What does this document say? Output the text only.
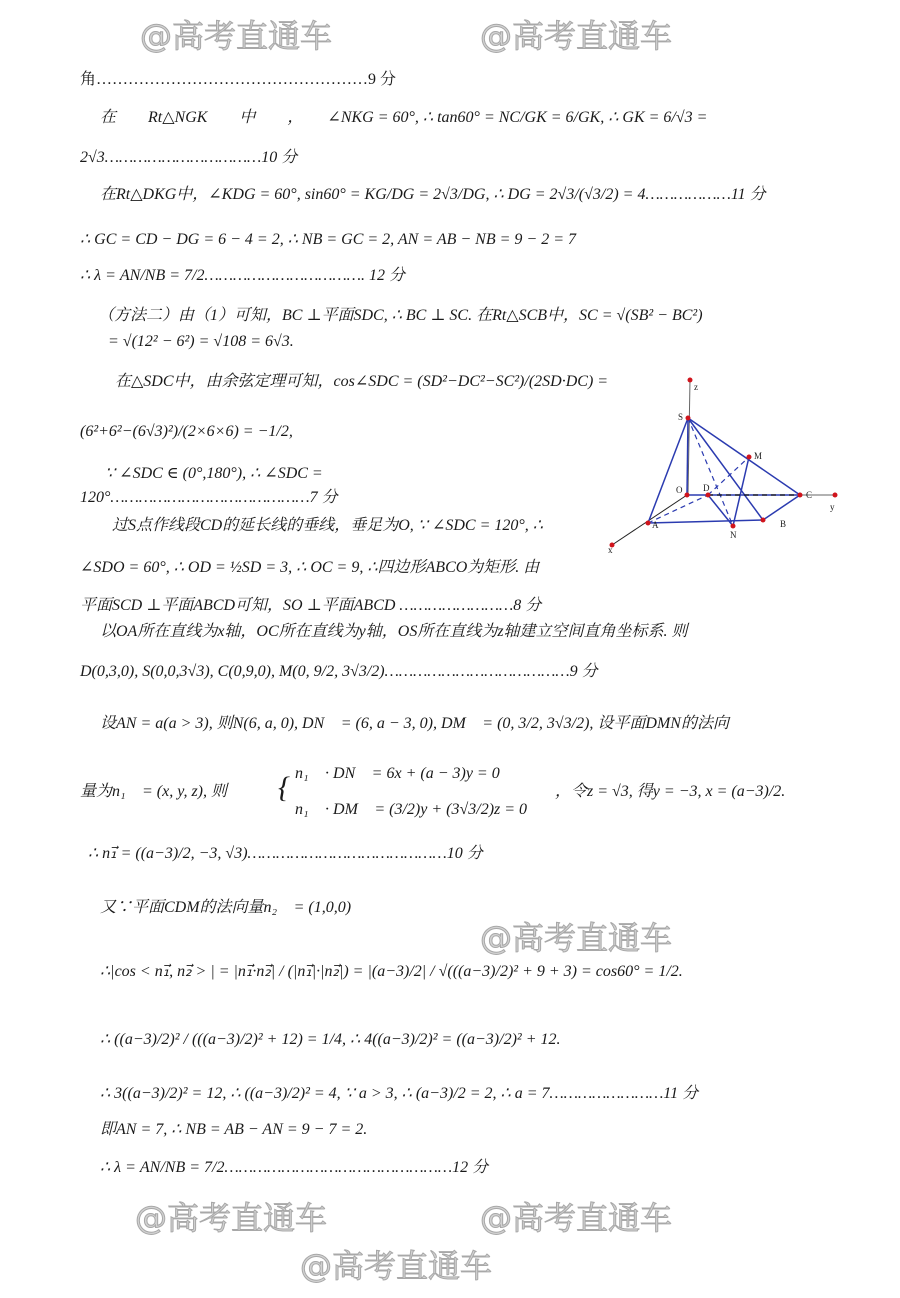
@高考直通车	@高考直通车
@高考直通车
@高考直通车	@高考直通车
@高考直通车
角……………………………………………9 分
在　　Rt△NGK　　中　　，　　∠NKG = 60°, ∴ tan60° = NC/GK = 6/GK, ∴ GK = 6/√3 =
2√3……………………………10 分
在Rt△DKG中，∠KDG = 60°, sin60° = KG/DG = 2√3/DG, ∴ DG = 2√3/(√3/2) = 4………………11 分
∴ GC = CD − DG = 6 − 4 = 2, ∴ NB = GC = 2, AN = AB − NB = 9 − 2 = 7
∴ λ = AN/NB = 7/2……………………………. 12 分
（方法二）由（1）可知，BC ⊥平面SDC, ∴ BC ⊥ SC. 在Rt△SCB中，SC = √(SB² − BC²)
= √(12² − 6²) = √108 = 6√3.
在△SDC中，由余弦定理可知，cos∠SDC = (SD²−DC²−SC²)/(2SD·DC) =
(6²+6²−(6√3)²)/(2×6×6) = −1/2,
∵ ∠SDC ∈ (0°,180°), ∴ ∠SDC =
120°……………………………………7 分
过S点作线段CD的延长线的垂线，垂足为O, ∵ ∠SDC = 120°, ∴
∠SDO = 60°, ∴ OD = ½SD = 3, ∴ OC = 9, ∴四边形ABCO为矩形. 由
平面SCD ⊥平面ABCD可知，SO ⊥平面ABCD ……………………8 分
以OA所在直线为x轴，OC所在直线为y轴，OS所在直线为z轴建立空间直角坐标系. 则
D(0,3,0), S(0,0,3√3), C(0,9,0), M(0, 9/2, 3√3/2)…………………………………9 分
设AN = a(a > 3), 则N(6, a, 0), DN⃗ = (6, a − 3, 0), DM⃗ = (0, 3/2, 3√3/2), 设平面DMN的法向
量为n₁⃗ = (x, y, z), 则 { n₁⃗ · DN⃗ = 6x + (a − 3)y = 0
n₁⃗ · DM⃗ = (3/2)y + (3√3/2)z = 0
，令z = √3, 得y = −3, x = (a−3)/2.
∴ n₁⃗ = ((a−3)/2, −3, √3)……………………………………10 分
又∵平面CDM的法向量n₂⃗ = (1,0,0)
∴|cos < n₁⃗, n₂⃗ > | = |n₁⃗·n₂⃗| / (|n₁⃗|·|n₂⃗|) = |(a−3)/2| / √(((a−3)/2)² + 9 + 3) = cos60° = 1/2.
∴ ((a−3)/2)² / (((a−3)/2)² + 12) = 1/4, ∴ 4((a−3)/2)² = ((a−3)/2)² + 12.
∴ 3((a−3)/2)² = 12, ∴ ((a−3)/2)² = 4, ∵ a > 3, ∴ (a−3)/2 = 2, ∴ a = 7……………………11 分
即AN = 7, ∴ NB = AB − AN = 9 − 7 = 2.
∴ λ = AN/NB = 7/2…………………………………………12 分
z
y
x
S
M
O D
C
A
N
B
